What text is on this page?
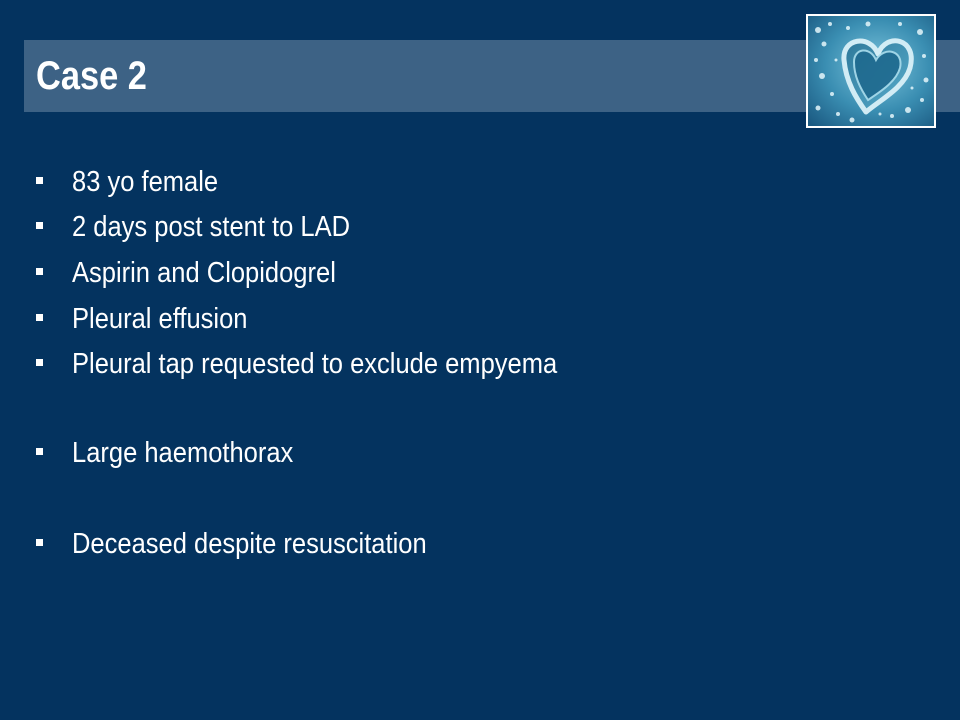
Case 2
83 yo female
2 days post stent to LAD
Aspirin and Clopidogrel
Pleural effusion
Pleural tap requested to exclude empyema
Large haemothorax
Deceased despite resuscitation
